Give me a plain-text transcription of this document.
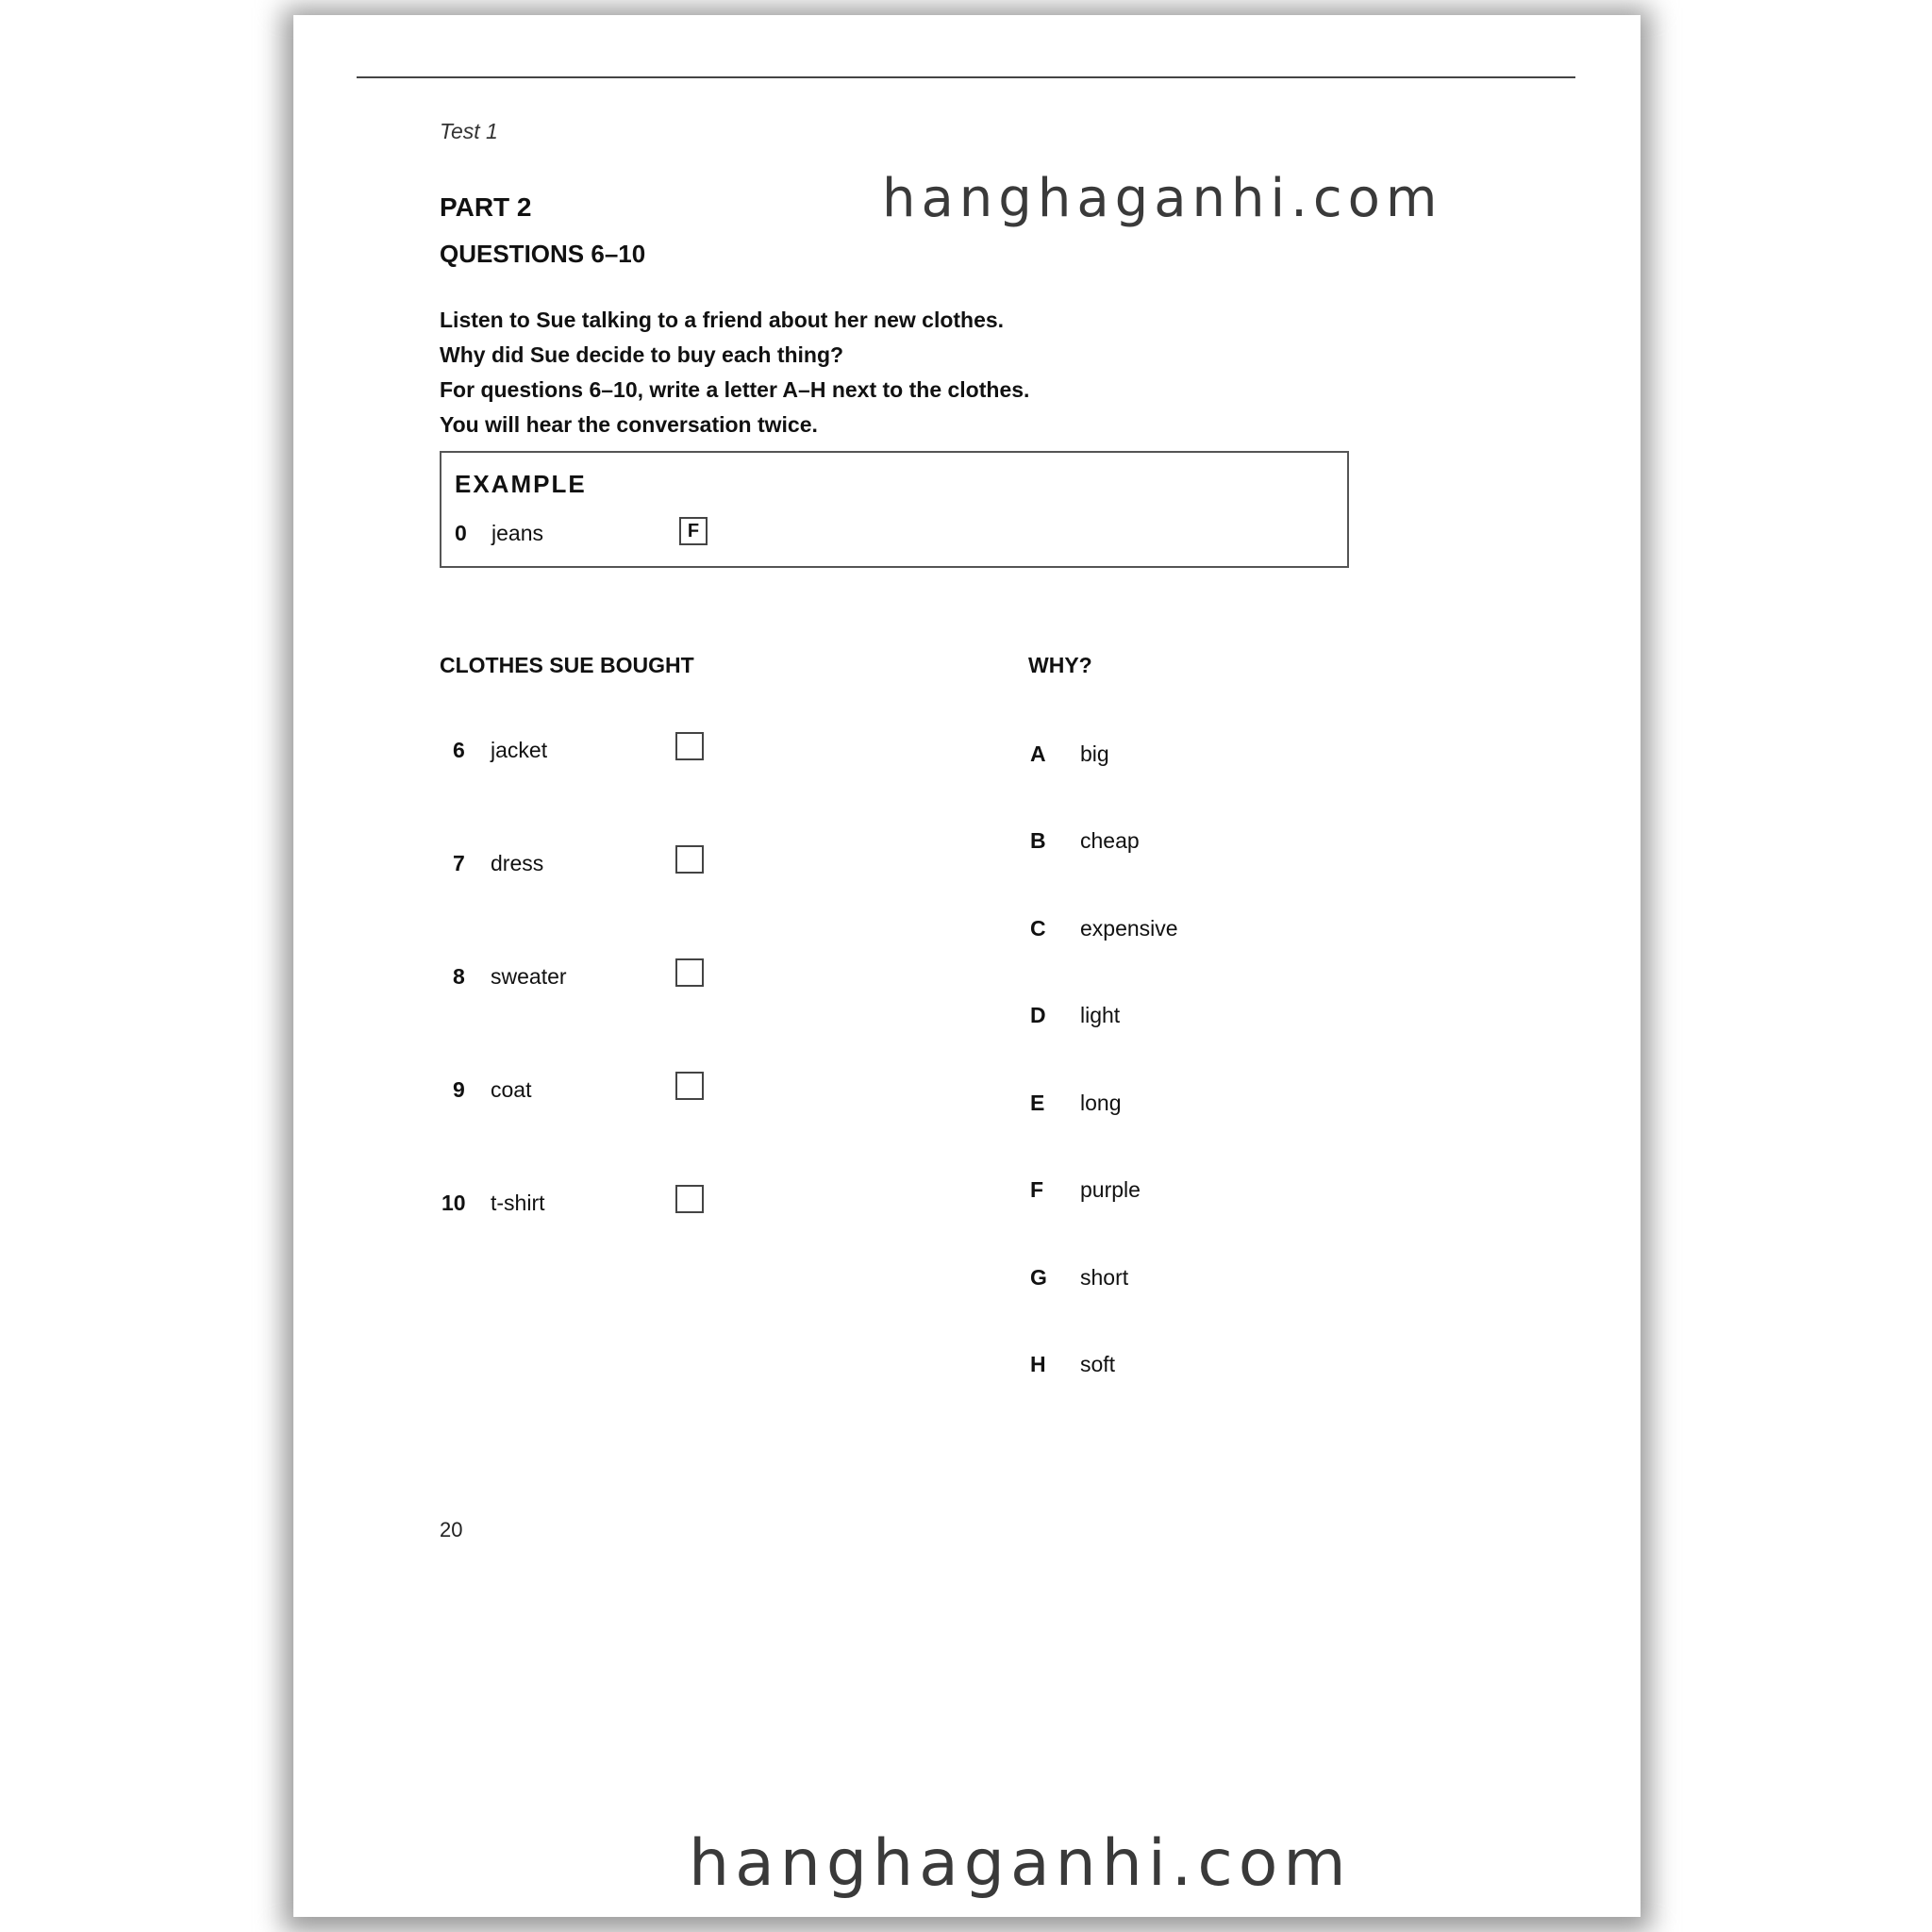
Test 1
PART 2
QUESTIONS 6–10
Listen to Sue talking to a friend about her new clothes.
Why did Sue decide to buy each thing?
For questions 6–10, write a letter A–H next to the clothes.
You will hear the conversation twice.
EXAMPLE
0 jeans	F
CLOTHES SUE BOUGHT	WHY?
6 jacket
7 dress
8 sweater
9 coat
10 t-shirt
A big
B cheap
C expensive
D light
E long
F purple
G short
H soft
20
hanghaganhi.com
hanghaganhi.com
